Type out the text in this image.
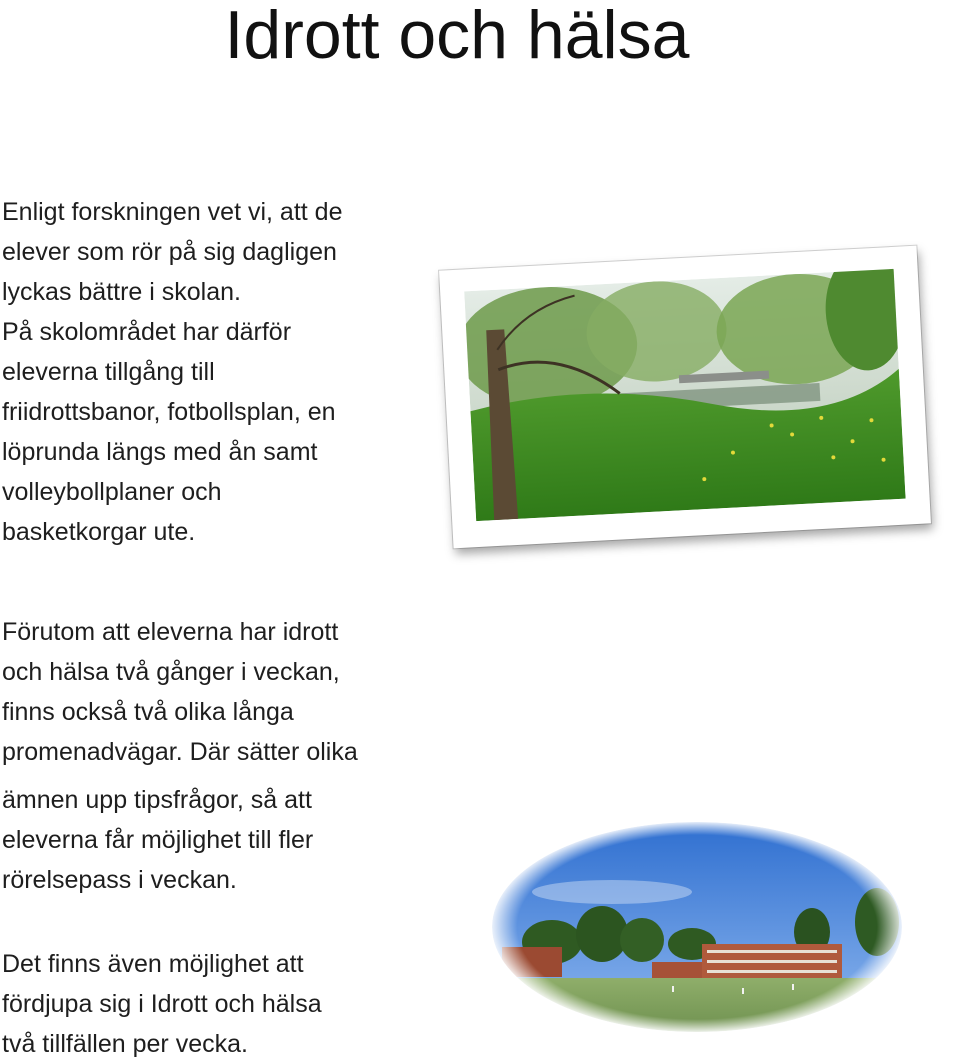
Idrott och hälsa
Enligt forskningen vet vi, att de
elever som rör på sig dagligen
lyckas bättre i skolan.
På skolområdet har därför
eleverna tillgång till
friidrottsbanor, fotbollsplan, en
löprunda längs med ån samt
volleybollplaner och
basketkorgar ute.
Förutom att eleverna har idrott
och hälsa två gånger i veckan,
finns också två olika långa
promenadvägar. Där sätter olika
ämnen upp tipsfrågor, så att
eleverna får möjlighet till fler
rörelsepass i veckan.
Det finns även möjlighet att
fördjupa sig i Idrott och hälsa
två tillfällen per vecka.
